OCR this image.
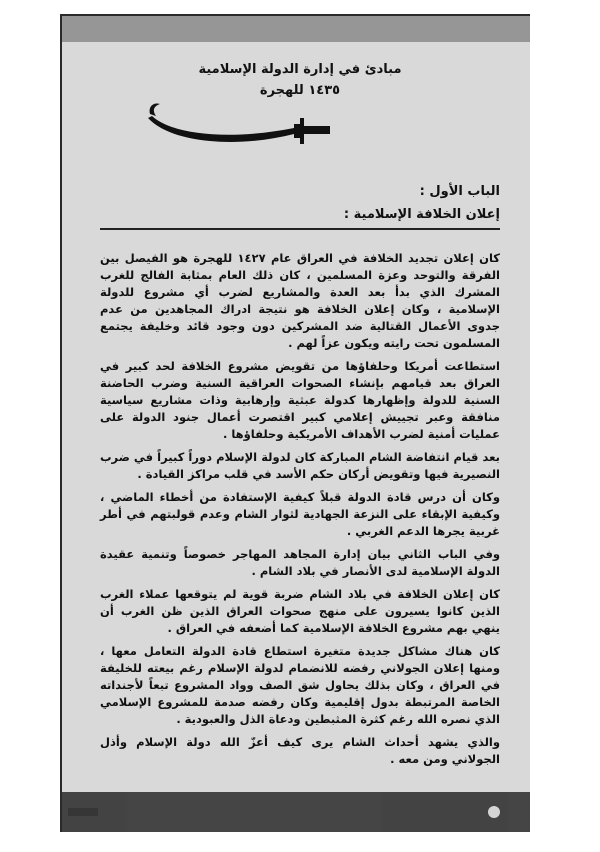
مبادئ في إدارة الدولة الإسلامية
١٤٣٥ للهجرة
الباب الأول :
إعلان الخلافة الإسلامية :

كان إعلان تجديد الخلافة في العراق عام ١٤٢٧ للهجرة هو الفيصل بين الفرقة والتوحد وعزة المسلمين ، كان ذلك العام بمثابة الفالج للغرب المشرك الذي بدأ بعد العدة والمشاريع لضرب أي مشروع للدولة الإسلامية ، وكان إعلان الخلافة هو نتيجة ادراك المجاهدين من عدم جدوى الأعمال القتالية ضد المشركين دون وجود قائد وخليفة يجتمع المسلمون تحت رايته ويكون عزاً لهم .

استطاعت أمريكا وحلفاؤها من تقويض مشروع الخلافة لحد كبير في العراق بعد قيامهم بإنشاء الصحوات العراقية السنية وضرب الحاضنة السنية للدولة وإظهارها كدولة عبثية وإرهابية وذات مشاريع سياسية منافقة وعبر تجييش إعلامي كبير اقتصرت أعمال جنود الدولة على عمليات أمنية لضرب الأهداف الأمريكية وحلفاؤها .

بعد قيام انتفاضة الشام المباركة كان لدولة الإسلام دوراً كبيراً في ضرب النصيرية فيها وتقويض أركان حكم الأسد في قلب مراكز القيادة .

وكان أن درس قادة الدولة قبلاً كيفية الإستفادة من أخطاء الماضي ، وكيفية الإبقاء على النزعة الجهادية لثوار الشام وعدم قولبتهم في أطر غربية يجرها الدعم الغربي .

وفي الباب الثاني بيان إدارة المجاهد المهاجر خصوصاً وتنمية عقيدة الدولة الإسلامية لدى الأنصار في بلاد الشام .

كان إعلان الخلافة في بلاد الشام ضربة قوية لم يتوقعها عملاء الغرب الذين كانوا يسيرون على منهج صحوات العراق الذين ظن الغرب أن ينهي بهم مشروع الخلافة الإسلامية كما أضعفه في العراق .

كان هناك مشاكل جديدة متغيرة استطاع قادة الدولة التعامل معها ، ومنها إعلان الجولاني رفضه للانضمام لدولة الإسلام رغم بيعته للخليفة في العراق ، وكان بذلك يحاول شق الصف وواد المشروع تبعاً لأجنداته الخاصة المرتبطة بدول إقليمية وكان رفضه صدمة للمشروع الإسلامي الذي نصره الله رغم كثرة المثبطين ودعاة الذل والعبودية .

والذي يشهد أحداث الشام يرى كيف أعزّ الله دولة الإسلام وأذل الجولاني ومن معه .
